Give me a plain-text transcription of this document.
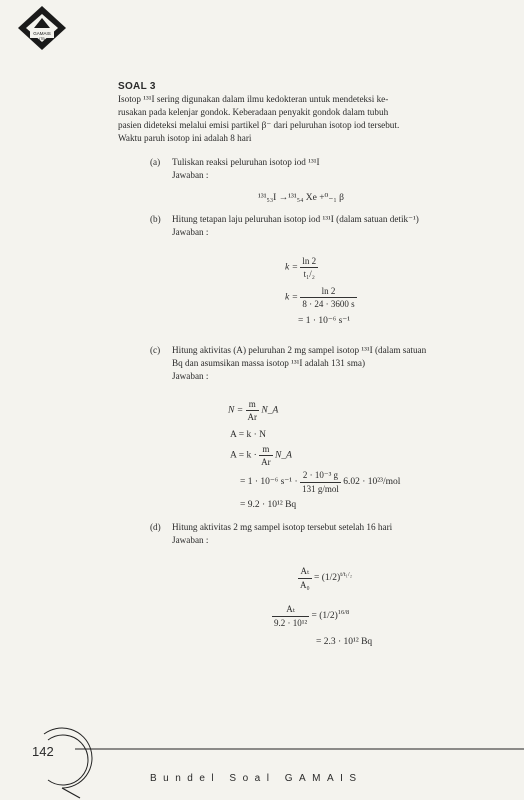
GAMAIS
ITB
SOAL 3

Isotop ¹³¹I sering digunakan dalam ilmu kedokteran untuk mendeteksi ke-

rusakan pada kelenjar gondok. Keberadaan penyakit gondok dalam tubuh

pasien dideteksi melalui emisi partikel β⁻ dari peluruhan isotop iod tersebut.

Waktu paruh isotop ini adalah 8 hari

(a) Tuliskan reaksi peluruhan isotop iod ¹³¹I
Jawaban :
¹³¹₅₃I →¹³¹₅₄ Xe +⁰₋₁ β
(b) Hitung tetapan laju peluruhan isotop iod ¹³¹I (dalam satuan detik⁻¹)
Jawaban :
$k = \frac{\ln 2}{\text{t₁/₂}}$
$k = \frac{\ln 2}{8 \cdot 24 \cdot 3600 s}$
= 1 · 10⁻⁶ s⁻¹
(c) Hitung aktivitas (A) peluruhan 2 mg sampel isotop ¹³¹I (dalam satuan
Bq dan asumsikan massa isotop ¹³¹I adalah 131 sma)
Jawaban :
$N = \frac{m}{Ar}$ N_A
A = k · N
$A = k \cdot \frac{m}{Ar}$ N_A
= 1 · 10⁻⁶ $s^{-1} \cdot \frac{\text{2 · 10⁻³ g}}{\text{131 g/mol}} 6.02 \cdot 10^{23}/mol$
= 9.2 · 10¹² Bq
(d) Hitung aktivitas 2 mg sampel isotop tersebut setelah 16 hari
Jawaban :
$\frac{\text{Aₜ}}{\text{A₀}} = (1/2)^{t/t_1/_2}$
$\frac{\text{Aₜ}}{\text{9.2 · 10¹²}} = (1/2)^{16/8}$
= 2.3 · 10¹² Bq
142
Bundel Soal GAMAIS
